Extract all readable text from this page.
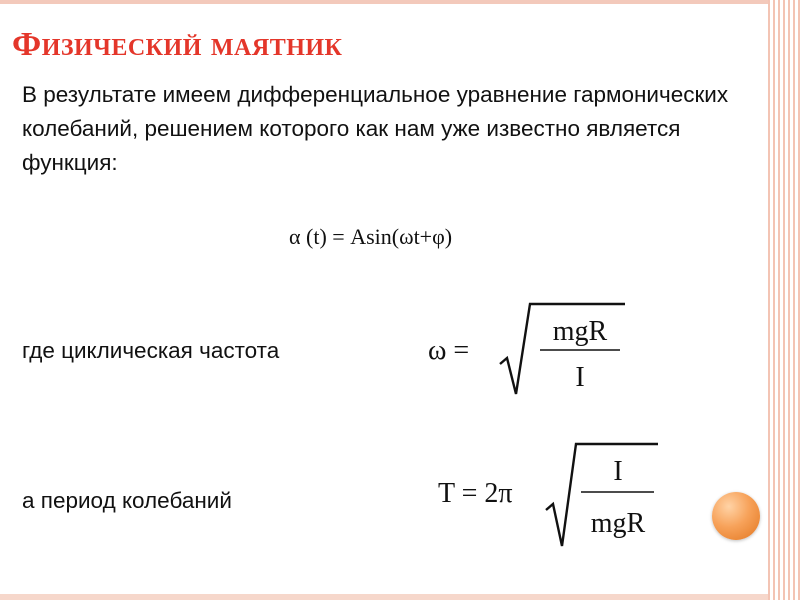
Физический маятник
В результате имеем дифференциальное уравнение гармонических колебаний, решением которого как нам уже известно является функция:
α (t) = Asin(ωt+φ)
где циклическая частота	ω =
mgR
I
а период колебаний	T = 2π
I
mgR
